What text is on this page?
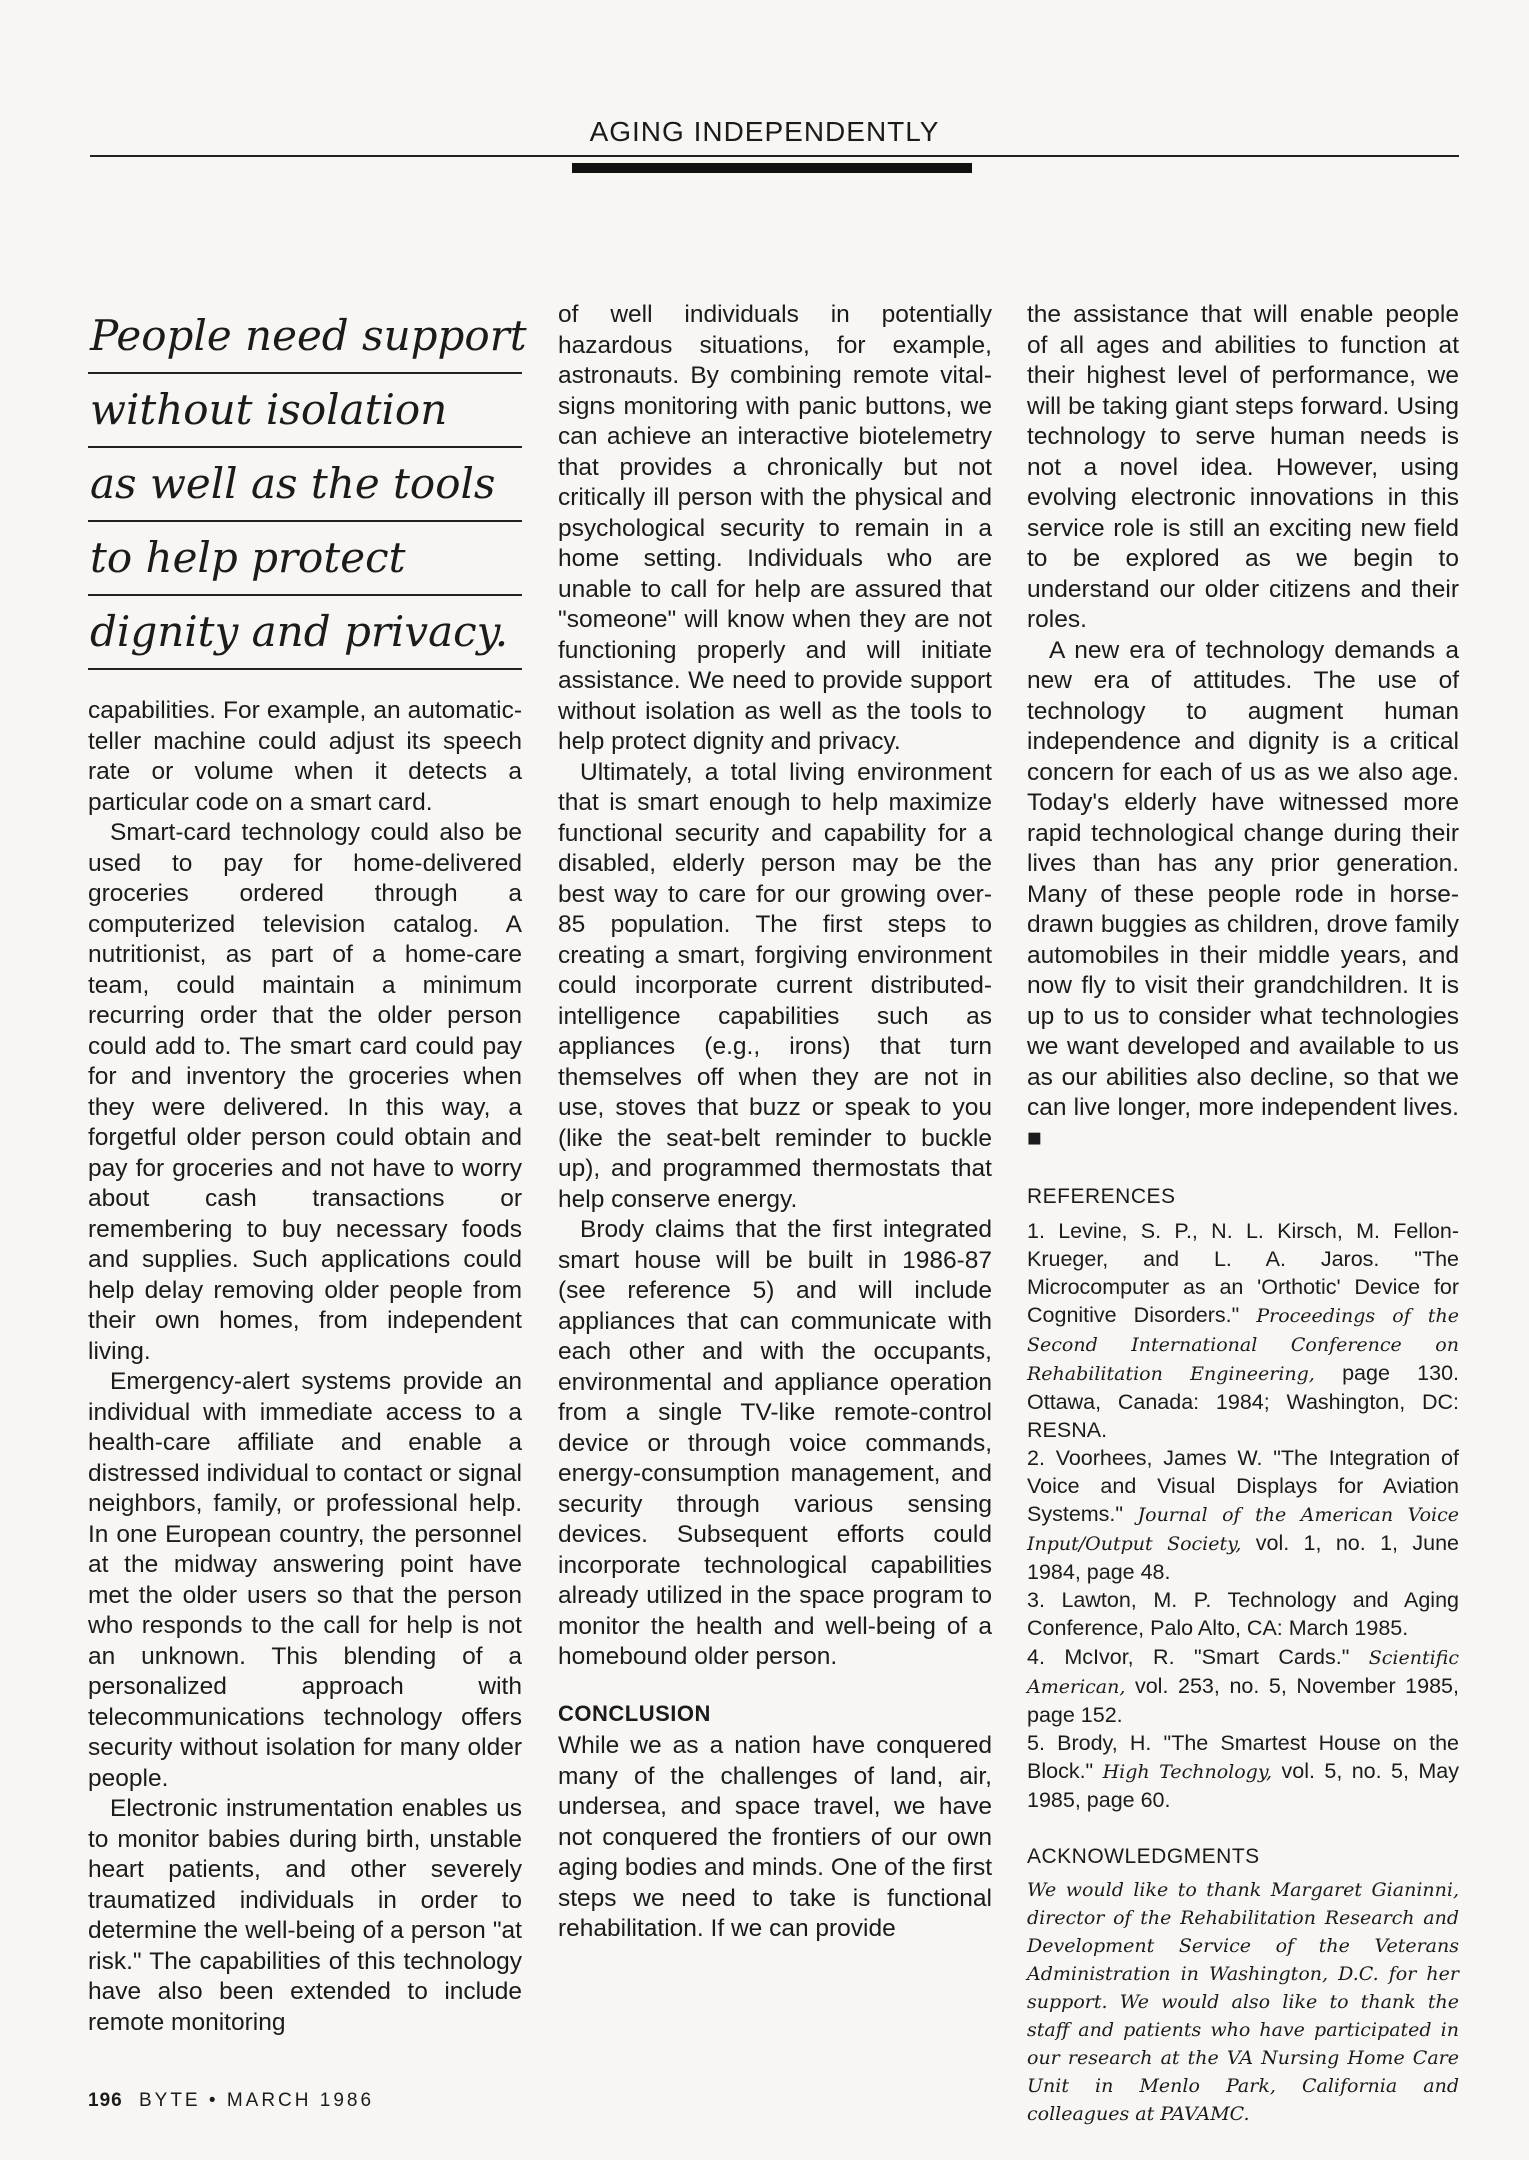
AGING INDEPENDENTLY
People need support
without isolation
as well as the tools
to help protect
dignity and privacy.

capabilities. For example, an automatic-teller machine could adjust its speech rate or volume when it detects a particular code on a smart card.

Smart-card technology could also be used to pay for home-delivered groceries ordered through a computerized television catalog. A nutritionist, as part of a home-care team, could maintain a minimum recurring order that the older person could add to. The smart card could pay for and inventory the groceries when they were delivered. In this way, a forgetful older person could obtain and pay for groceries and not have to worry about cash transactions or remembering to buy necessary foods and supplies. Such applications could help delay removing older people from their own homes, from independent living.

Emergency-alert systems provide an individual with immediate access to a health-care affiliate and enable a distressed individual to contact or signal neighbors, family, or professional help. In one European country, the personnel at the midway answering point have met the older users so that the person who responds to the call for help is not an unknown. This blending of a personalized approach with telecommunications technology offers security without isolation for many older people.

Electronic instrumentation enables us to monitor babies during birth, unstable heart patients, and other severely traumatized individuals in order to determine the well-being of a person "at risk." The capabilities of this technology have also been extended to include remote monitoring

of well individuals in potentially hazardous situations, for example, astronauts. By combining remote vital-signs monitoring with panic buttons, we can achieve an interactive biotelemetry that provides a chronically but not critically ill person with the physical and psychological security to remain in a home setting. Individuals who are unable to call for help are assured that "someone" will know when they are not functioning properly and will initiate assistance. We need to provide support without isolation as well as the tools to help protect dignity and privacy.

Ultimately, a total living environment that is smart enough to help maximize functional security and capability for a disabled, elderly person may be the best way to care for our growing over-85 population. The first steps to creating a smart, forgiving environment could incorporate current distributed-intelligence capabilities such as appliances (e.g., irons) that turn themselves off when they are not in use, stoves that buzz or speak to you (like the seat-belt reminder to buckle up), and programmed thermostats that help conserve energy.

Brody claims that the first integrated smart house will be built in 1986-87 (see reference 5) and will include appliances that can communicate with each other and with the occupants, environmental and appliance operation from a single TV-like remote-control device or through voice commands, energy-consumption management, and security through various sensing devices. Subsequent efforts could incorporate technological capabilities already utilized in the space program to monitor the health and well-being of a homebound older person.

CONCLUSION

While we as a nation have conquered many of the challenges of land, air, undersea, and space travel, we have not conquered the frontiers of our own aging bodies and minds. One of the first steps we need to take is functional rehabilitation. If we can provide

the assistance that will enable people of all ages and abilities to function at their highest level of performance, we will be taking giant steps forward. Using technology to serve human needs is not a novel idea. However, using evolving electronic innovations in this service role is still an exciting new field to be explored as we begin to understand our older citizens and their roles.

A new era of technology demands a new era of attitudes. The use of technology to augment human independence and dignity is a critical concern for each of us as we also age. Today's elderly have witnessed more rapid technological change during their lives than has any prior generation. Many of these people rode in horse-drawn buggies as children, drove family automobiles in their middle years, and now fly to visit their grandchildren. It is up to us to consider what technologies we want developed and available to us as our abilities also decline, so that we can live longer, more independent lives. ■

REFERENCES

1. Levine, S. P., N. L. Kirsch, M. Fellon-Krueger, and L. A. Jaros. "The Microcomputer as an 'Orthotic' Device for Cognitive Disorders." Proceedings of the Second International Conference on Rehabilitation Engineering, page 130. Ottawa, Canada: 1984; Washington, DC: RESNA.

2. Voorhees, James W. "The Integration of Voice and Visual Displays for Aviation Systems." Journal of the American Voice Input/Output Society, vol. 1, no. 1, June 1984, page 48.

3. Lawton, M. P. Technology and Aging Conference, Palo Alto, CA: March 1985.

4. McIvor, R. "Smart Cards." Scientific American, vol. 253, no. 5, November 1985, page 152.

5. Brody, H. "The Smartest House on the Block." High Technology, vol. 5, no. 5, May 1985, page 60.

ACKNOWLEDGMENTS

We would like to thank Margaret Gianinni, director of the Rehabilitation Research and Development Service of the Veterans Administration in Washington, D.C. for her support. We would also like to thank the staff and patients who have participated in our research at the VA Nursing Home Care Unit in Menlo Park, California and colleagues at PAVAMC.

196 BYTE • MARCH 1986
